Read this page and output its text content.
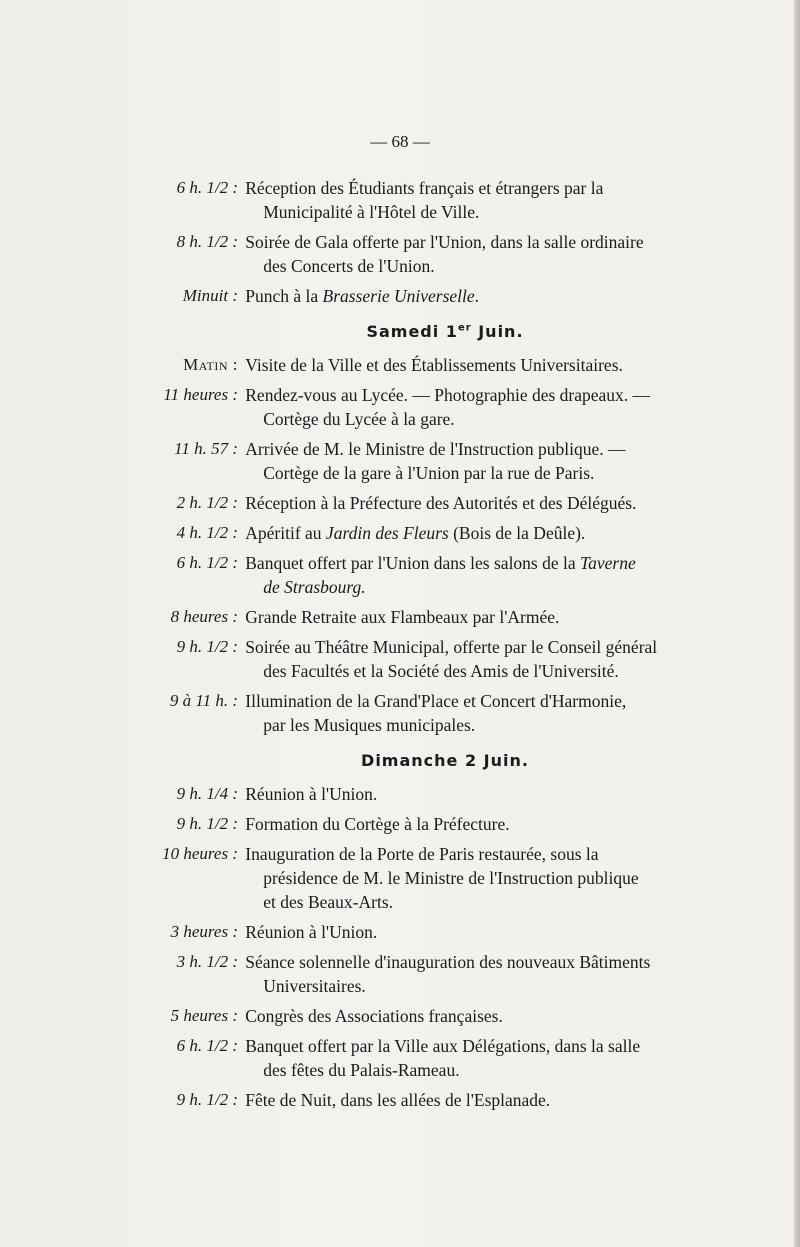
— 68 —
6 h. 1/2 : Réception des Étudiants français et étrangers par la
Municipalité à l'Hôtel de Ville.
8 h. 1/2 : Soirée de Gala offerte par l'Union, dans la salle ordinaire
des Concerts de l'Union.
Minuit : Punch à la Brasserie Universelle.
Samedi 1er Juin.
Matin : Visite de la Ville et des Établissements Universitaires.
11 heures : Rendez-vous au Lycée. — Photographie des drapeaux. —
Cortège du Lycée à la gare.
11 h. 57 : Arrivée de M. le Ministre de l'Instruction publique. —
Cortège de la gare à l'Union par la rue de Paris.
2 h. 1/2 : Réception à la Préfecture des Autorités et des Délégués.
4 h. 1/2 : Apéritif au Jardin des Fleurs (Bois de la Deûle).
6 h. 1/2 : Banquet offert par l'Union dans les salons de la Taverne
de Strasbourg.
8 heures : Grande Retraite aux Flambeaux par l'Armée.
9 h. 1/2 : Soirée au Théâtre Municipal, offerte par le Conseil général
des Facultés et la Société des Amis de l'Université.
9 à 11 h. : Illumination de la Grand'Place et Concert d'Harmonie,
par les Musiques municipales.
Dimanche 2 Juin.
9 h. 1/4 : Réunion à l'Union.
9 h. 1/2 : Formation du Cortège à la Préfecture.
10 heures : Inauguration de la Porte de Paris restaurée, sous la
présidence de M. le Ministre de l'Instruction publique
et des Beaux-Arts.
3 heures : Réunion à l'Union.
3 h. 1/2 : Séance solennelle d'inauguration des nouveaux Bâtiments
Universitaires.
5 heures : Congrès des Associations françaises.
6 h. 1/2 : Banquet offert par la Ville aux Délégations, dans la salle
des fêtes du Palais-Rameau.
9 h. 1/2 : Fête de Nuit, dans les allées de l'Esplanade.
